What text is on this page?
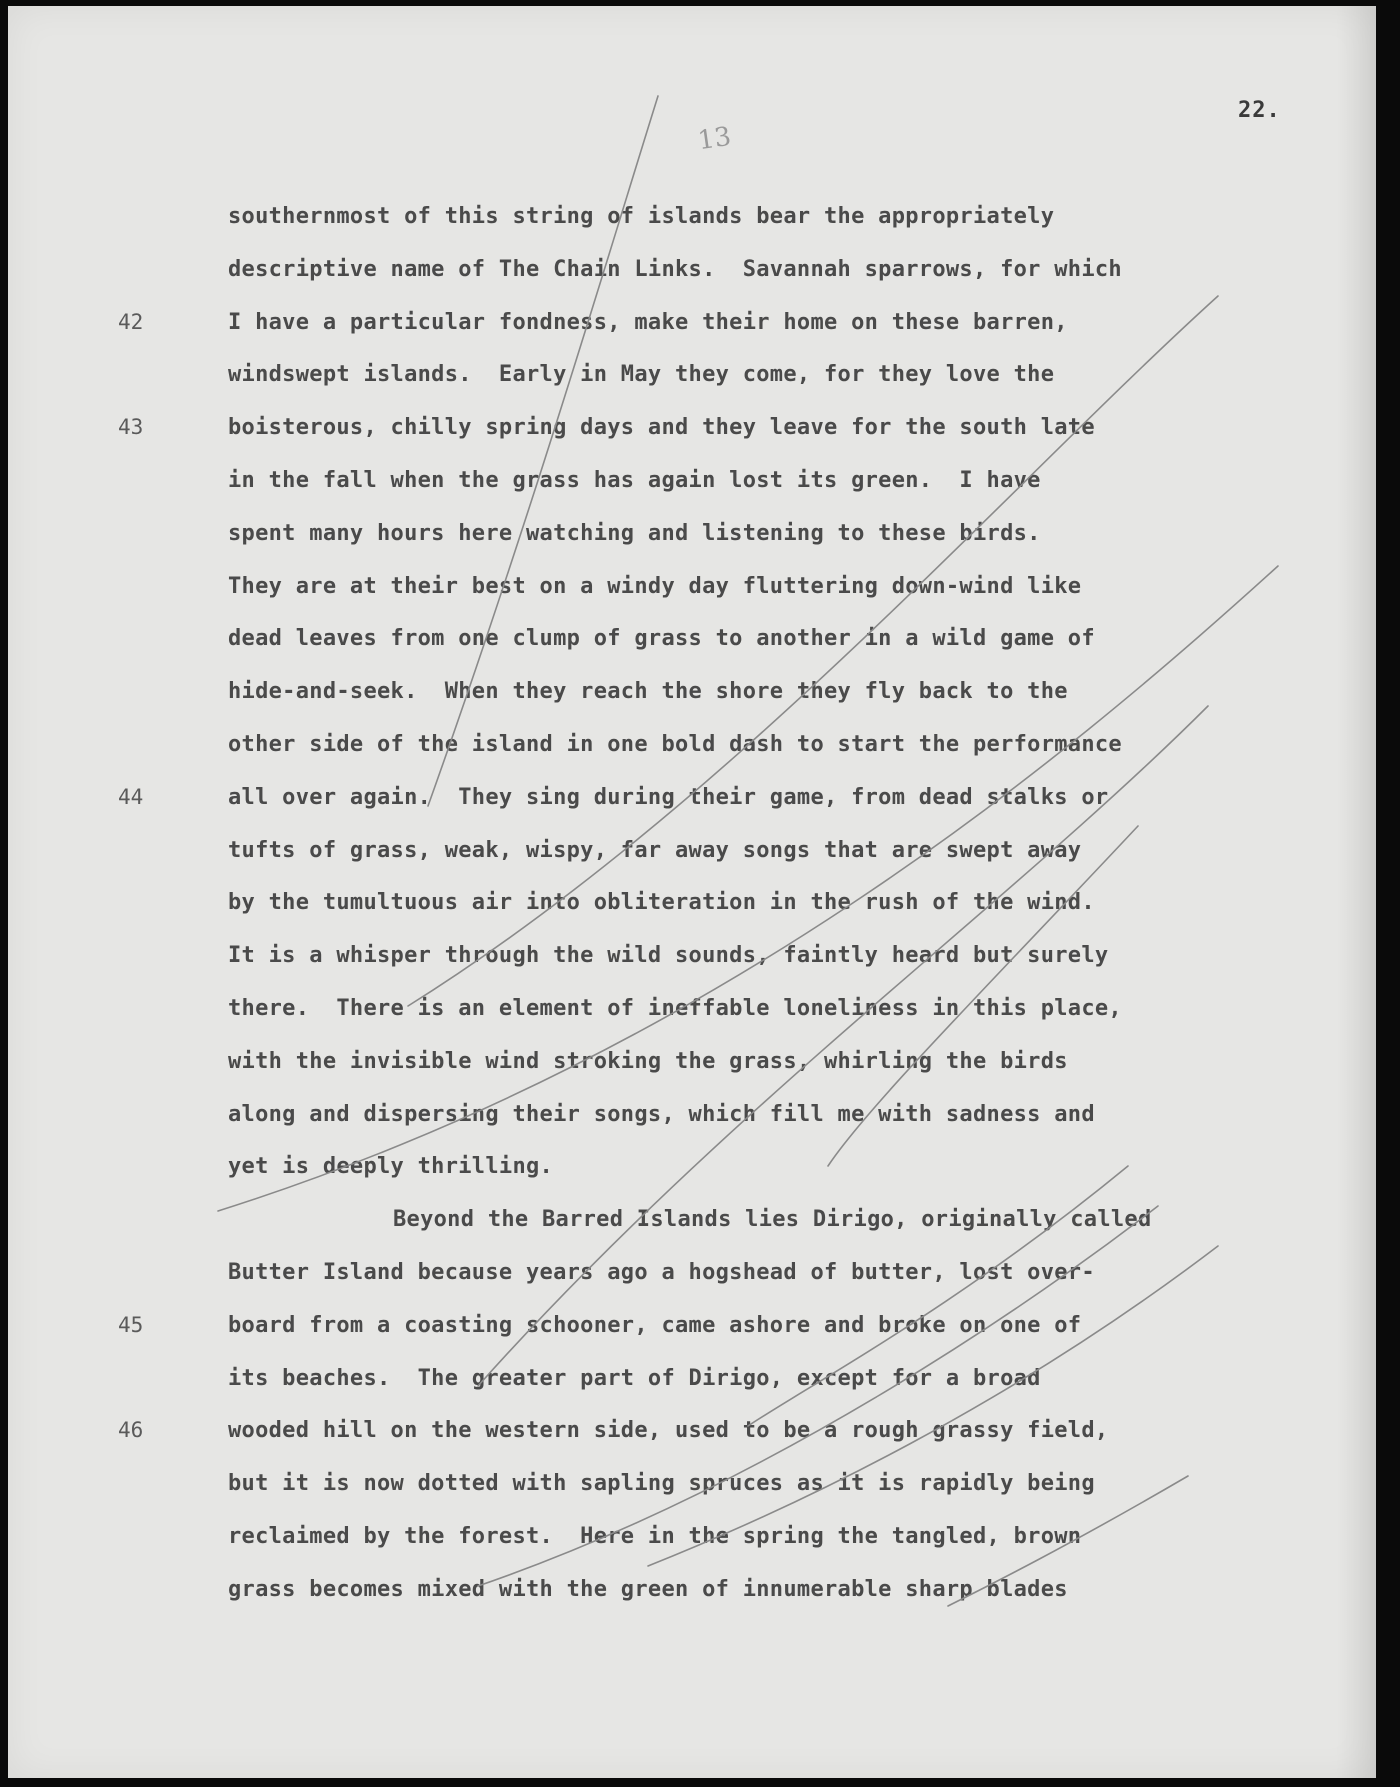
22.
13
42
43
44
45
46
southernmost of this string of islands bear the appropriately
descriptive name of The Chain Links.  Savannah sparrows, for which
I have a particular fondness, make their home on these barren,
windswept islands.  Early in May they come, for they love the
boisterous, chilly spring days and they leave for the south late
in the fall when the grass has again lost its green.  I have
spent many hours here watching and listening to these birds.
They are at their best on a windy day fluttering down-wind like
dead leaves from one clump of grass to another in a wild game of
hide-and-seek.  When they reach the shore they fly back to the
other side of the island in one bold dash to start the performance
all over again.  They sing during their game, from dead stalks or
tufts of grass, weak, wispy, far away songs that are swept away
by the tumultuous air into obliteration in the rush of the wind.
It is a whisper through the wild sounds, faintly heard but surely
there.  There is an element of ineffable loneliness in this place,
with the invisible wind stroking the grass, whirling the birds
along and dispersing their songs, which fill me with sadness and
yet is deeply thrilling.
Beyond the Barred Islands lies Dirigo, originally called
Butter Island because years ago a hogshead of butter, lost over-
board from a coasting schooner, came ashore and broke on one of
its beaches.  The greater part of Dirigo, except for a broad
wooded hill on the western side, used to be a rough grassy field,
but it is now dotted with sapling spruces as it is rapidly being
reclaimed by the forest.  Here in the spring the tangled, brown
grass becomes mixed with the green of innumerable sharp blades
